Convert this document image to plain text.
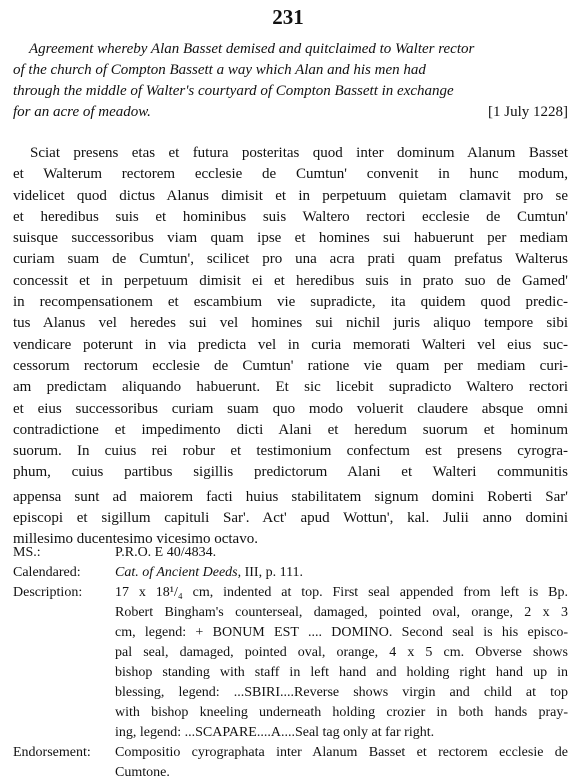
231
Agreement whereby Alan Basset demised and quitclaimed to Walter rector
of the church of Compton Bassett a way which Alan and his men had
through the middle of Walter's courtyard of Compton Bassett in exchange
for an acre of meadow.	[1 July 1228]
Sciat presens etas et futura posteritas quod inter dominum Alanum Basset
et Walterum rectorem ecclesie de Cumtun' convenit in hunc modum,
videlicet quod dictus Alanus dimisit et in perpetuum quietam clamavit pro se
et heredibus suis et hominibus suis Waltero rectori ecclesie de Cumtun'
suisque successoribus viam quam ipse et homines sui habuerunt per mediam
curiam suam de Cumtun', scilicet pro una acra prati quam prefatus Walterus
concessit et in perpetuum dimisit ei et heredibus suis in prato suo de Gamed'
in recompensationem et escambium vie supradicte, ita quidem quod predic-
tus Alanus vel heredes sui vel homines sui nichil juris aliquo tempore sibi
vendicare poterunt in via predicta vel in curia memorati Walteri vel eius suc-
cessorum rectorum ecclesie de Cumtun' ratione vie quam per mediam curi-
am predictam aliquando habuerunt. Et sic licebit supradicto Waltero rectori
et eius successoribus curiam suam quo modo voluerit claudere absque omni
contradictione et impedimento dicti Alani et heredum suorum et hominum
suorum. In cuius rei robur et testimonium confectum est presens cyrogra-
phum, cuius partibus sigillis predictorum Alani et Walteri communitis
appensa sunt ad maiorem facti huius stabilitatem signum domini Roberti Sar'
episcopi et sigillum capituli Sar'. Act' apud Wottun', kal. Julii anno domini
millesimo ducentesimo vicesimo octavo.
MS.:	P.R.O. E 40/4834.
Calendared:	Cat. of Ancient Deeds, III, p. 111.
Description:	17 x 18¹/₄ cm, indented at top. First seal appended from left is Bp.
Robert Bingham's counterseal, damaged, pointed oval, orange, 2 x 3
cm, legend: + BONUM EST .... DOMINO. Second seal is his episco-
pal seal, damaged, pointed oval, orange, 4 x 5 cm. Obverse shows
bishop standing with staff in left hand and holding right hand up in
blessing, legend: ...SBIRI....Reverse shows virgin and child at top
with bishop kneeling underneath holding crozier in both hands pray-
ing, legend: ...SCAPARE....A....Seal tag only at far right.
Endorsement:	Compositio cyrographata inter Alanum Basset et rectorem ecclesie de
Cumtone.
